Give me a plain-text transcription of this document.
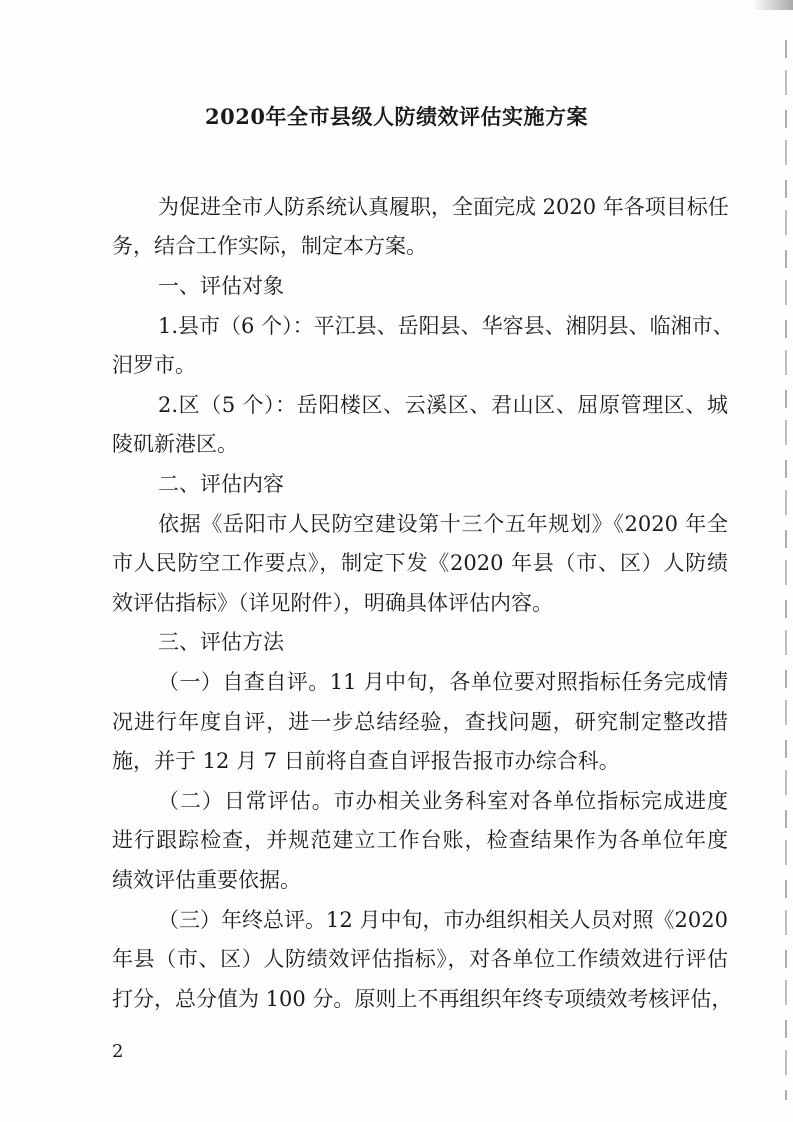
2020年全市县级人防绩效评估实施方案
为促进全市人防系统认真履职，全面完成 2020 年各项目标任
务，结合工作实际，制定本方案。
一、评估对象
1.县市（6 个）：平江县、岳阳县、华容县、湘阴县、临湘市、
汨罗市。
2.区（5 个）：岳阳楼区、云溪区、君山区、屈原管理区、城
陵矶新港区。
二、评估内容
依据《岳阳市人民防空建设第十三个五年规划》《2020 年全
市人民防空工作要点》，制定下发《2020 年县（市、区）人防绩
效评估指标》（详见附件），明确具体评估内容。
三、评估方法
（一）自查自评。11 月中旬，各单位要对照指标任务完成情
况进行年度自评，进一步总结经验，查找问题，研究制定整改措
施，并于 12 月 7 日前将自查自评报告报市办综合科。
（二）日常评估。市办相关业务科室对各单位指标完成进度
进行跟踪检查，并规范建立工作台账，检查结果作为各单位年度
绩效评估重要依据。
（三）年终总评。12 月中旬，市办组织相关人员对照《2020
年县（市、区）人防绩效评估指标》，对各单位工作绩效进行评估
打分，总分值为 100 分。原则上不再组织年终专项绩效考核评估，
2
